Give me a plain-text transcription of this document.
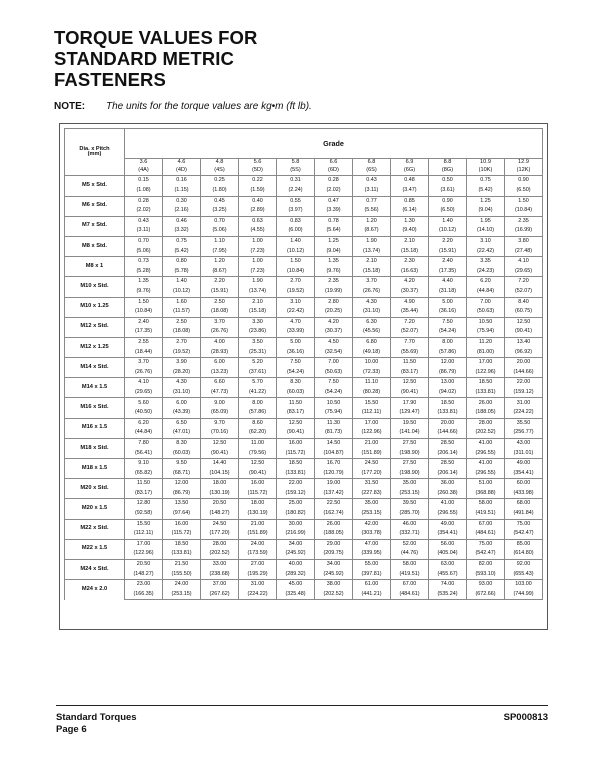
TORQUE VALUES FOR
STANDARD METRIC
FASTENERS
NOTE: The units for the torque values are kg•m (ft lb).
Dia. x Pitch
(mm)	Grade										
	3.6	4.6	4.8	5.6	5.8	6.6	6.8	6.9	8.8	10.9	12.9
	(4A)	(4D)	(4S)	(5D)	(5S)	(6D)	(6S)	(6G)	(8G)	(10K)	(12K)
M5 x Std.	0.15	0.16	0.25	0.22	0.31	0.28	0.43	0.48	0.50	0.75	0.90
	(1.08)	(1.15)	(1.80)	(1.59)	(2.24)	(2.02)	(3.11)	(3.47)	(3.61)	(5.42)	(6.50)
M6 x Std.	0.28	0.30	0.45	0.40	0.55	0.47	0.77	0.85	0.90	1.25	1.50
	(2.02)	(2.16)	(3.25)	(2.89)	(3.97)	(3.39)	(5.56)	(6.14)	(6.50)	(9.04)	(10.84)
M7 x Std.	0.43	0.46	0.70	0.63	0.83	0.78	1.20	1.30	1.40	1.95	2.35
	(3.11)	(3.32)	(5.06)	(4.55)	(6.00)	(5.64)	(8.67)	(9.40)	(10.12)	(14.10)	(16.99)
M8 x Std.	0.70	0.75	1.10	1.00	1.40	1.25	1.90	2.10	2.20	3.10	3.80
	(5.06)	(5.42)	(7.95)	(7.23)	(10.12)	(9.04)	(13.74)	(15.18)	(15.91)	(22.42)	(27.48)
M8 x 1	0.73	0.80	1.20	1.00	1.50	1.35	2.10	2.30	2.40	3.35	4.10
	(5.28)	(5.78)	(8.67)	(7.23)	(10.84)	(9.76)	(15.18)	(16.63)	(17.35)	(24.23)	(29.65)
M10 x Std.	1.35	1.40	2.20	1.90	2.70	2.35	3.70	4.20	4.40	6.20	7.20
	(9.76)	(10.12)	(15.91)	(13.74)	(19.52)	(19.99)	(26.76)	(30.37)	(31.18)	(44.84)	(52.07)
M10 x 1.25	1.50	1.60	2.50	2.10	3.10	2.80	4.30	4.90	5.00	7.00	8.40
	(10.84)	(11.57)	(18.08)	(15.18)	(22.42)	(20.25)	(31.10)	(35.44)	(36.16)	(50.63)	(60.75)
M12 x Std.	2.40	2.50	3.70	3.30	4.70	4.20	6.30	7.20	7.50	10.50	12.50
	(17.35)	(18.08)	(26.76)	(23.86)	(33.99)	(30.37)	(45.56)	(52.07)	(54.24)	(75.94)	(90.41)
M12 x 1.25	2.55	2.70	4.00	3.50	5.00	4.50	6.80	7.70	8.00	11.20	13.40
	(18.44)	(19.52)	(28.93)	(25.31)	(36.16)	(32.54)	(49.18)	(55.69)	(57.86)	(81.00)	(96.92)
M14 x Std.	3.70	3.90	6.00	5.20	7.50	7.00	10.00	11.50	12.00	17.00	20.00
	(26.76)	(28.20)	(13.23)	(37.61)	(54.24)	(50.63)	(72.33)	(83.17)	(86.79)	(122.96)	(144.66)
M14 x 1.5	4.10	4.30	6.60	5.70	8.30	7.50	11.10	12.50	13.00	18.50	22.00
	(29.65)	(31.10)	(47.73)	(41.22)	(60.03)	(54.24)	(80.28)	(90.41)	(94.02)	(133.81)	(159.12)
M16 x Std.	5.60	6.00	9.00	8.00	11.50	10.50	15.50	17.90	18.50	26.00	31.00
	(40.50)	(43.39)	(65.09)	(57.86)	(83.17)	(75.94)	(112.11)	(129.47)	(133.81)	(188.05)	(224.22)
M16 x 1.5	6.20	6.50	9.70	8.60	12.50	11.30	17.00	19.50	20.00	28.00	35.50
	(44.84)	(47.01)	(70.16)	(62.20)	(90.41)	(81.73)	(122.96)	(141.04)	(144.66)	(202.52)	(256.77)
M18 x Std.	7.80	8.30	12.50	11.00	16.00	14.50	21.00	27.50	28.50	41.00	43.00
	(56.41)	(60.03)	(90.41)	(79.56)	(115.72)	(104.87)	(151.89)	(198.90)	(206.14)	(296.55)	(311.01)
M18 x 1.5	9.10	9.50	14.40	12.50	18.50	16.70	24.50	27.50	28.50	41.00	49.00
	(65.82)	(68.71)	(104.15)	(90.41)	(133.81)	(120.79)	(177.20)	(198.90)	(206.14)	(296.55)	(354.41)
M20 x Std.	11.50	12.00	18.00	16.00	22.00	19.00	31.50	35.00	36.00	51.00	60.00
	(83.17)	(86.79)	(130.19)	(115.72)	(159.12)	(137.42)	(227.83)	(253.15)	(260.38)	(368.88)	(433.98)
M20 x 1.5	12.80	13.50	20.50	18.00	25.00	22.50	35.00	39.50	41.00	58.00	68.00
	(92.58)	(97.64)	(148.27)	(130.19)	(180.82)	(162.74)	(253.15)	(285.70)	(296.55)	(419.51)	(491.84)
M22 x Std.	15.50	16.00	24.50	21.00	30.00	26.00	42.00	46.00	49.00	67.00	75.00
	(112.11)	(115.72)	(177.20)	(151.89)	(216.99)	(188.05)	(303.78)	(332.71)	(354.41)	(484.61)	(542.47)
M22 x 1.5	17.00	18.50	28.00	24.00	34.00	29.00	47.00	52.00	56.00	75.00	85.00
	(122.96)	(133.81)	(202.52)	(173.59)	(245.92)	(209.75)	(339.95)	(44.76)	(405.04)	(542.47)	(614.80)
M24 x Std.	20.50	21.50	33.00	27.00	40.00	34.00	55.00	58.00	63.00	82.00	92.00
	(148.27)	(155.50)	(238.68)	(195.29)	(289.32)	(245.92)	(397.81)	(419.51)	(455.67)	(593.10)	(655.43)
M24 x 2.0	23.00	24.00	37.00	31.00	45.00	38.00	61.00	67.00	74.00	93.00	103.00
	(166.35)	(253.15)	(267.62)	(224.22)	(325.48)	(202.52)	(441.21)	(484.61)	(535.24)	(672.66)	(744.99)
Standard Torques
Page 6
SP000813
